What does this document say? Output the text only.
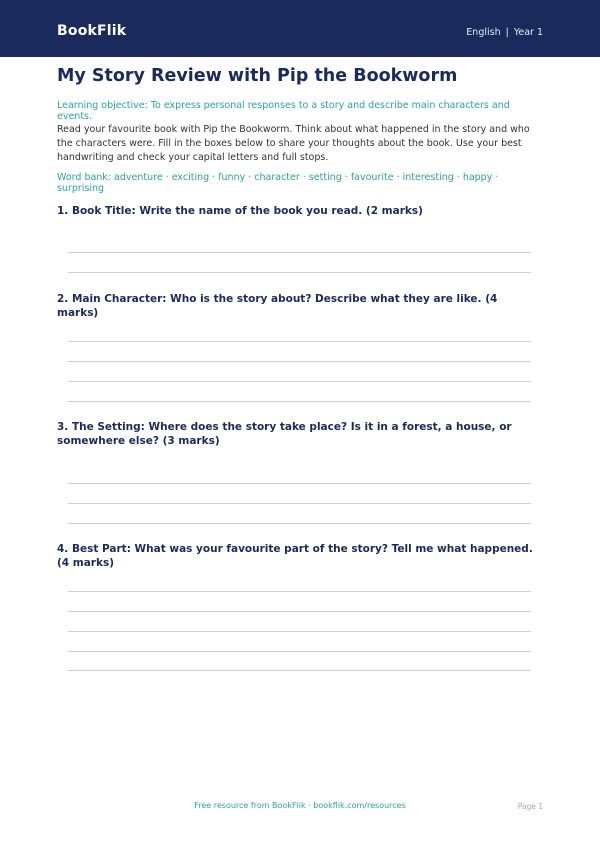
BookFlik	English | Year 1
My Story Review with Pip the Bookworm
Learning objective: To express personal responses to a story and describe main characters and events.
Read your favourite book with Pip the Bookworm. Think about what happened in the story and who the characters were. Fill in the boxes below to share your thoughts about the book. Use your best handwriting and check your capital letters and full stops.
Word bank: adventure · exciting · funny · character · setting · favourite · interesting · happy · surprising
1. Book Title: Write the name of the book you read. (2 marks)
2. Main Character: Who is the story about? Describe what they are like. (4 marks)
3. The Setting: Where does the story take place? Is it in a forest, a house, or somewhere else? (3 marks)
4. Best Part: What was your favourite part of the story? Tell me what happened. (4 marks)
Free resource from BookFlik · bookflik.com/resources	Page 1
